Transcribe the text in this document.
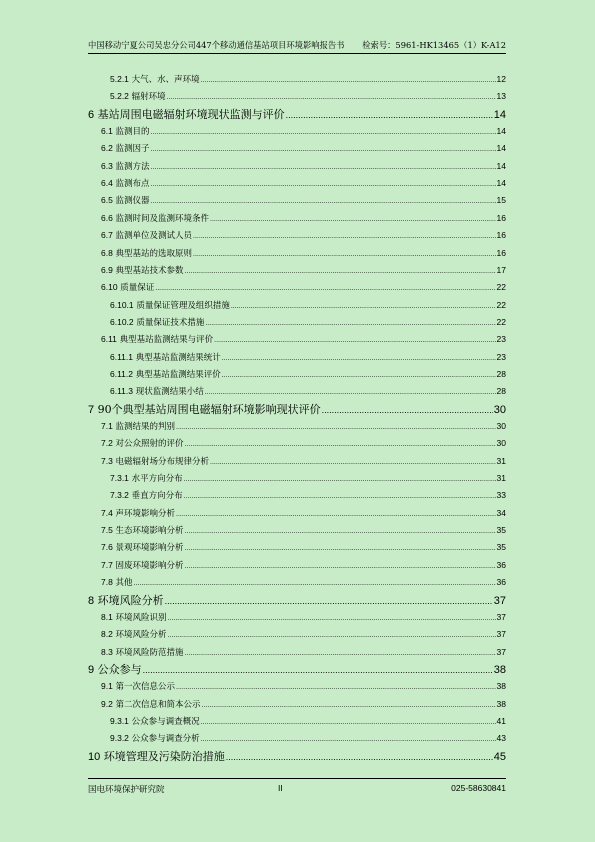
中国移动宁夏公司吴忠分公司447个移动通信基站项目环境影响报告书 检索号：5961-HK13465（1）K-A12
5.2.1 大气、水、声环境 .....	12
5.2.2 辐射环境 .....	13
6 基站周围电磁辐射环境现状监测与评价 .....	14
6.1 监测目的 .....	14
6.2 监测因子 .....	14
6.3 监测方法 .....	14
6.4 监测布点 .....	14
6.5 监测仪器 .....	15
6.6 监测时间及监测环境条件 .....	16
6.7 监测单位及测试人员 .....	16
6.8 典型基站的选取原则 .....	16
6.9 典型基站技术参数 .....	17
6.10 质量保证 .....	22
6.10.1 质量保证管理及组织措施 .....	22
6.10.2 质量保证技术措施 .....	22
6.11 典型基站监测结果与评价 .....	23
6.11.1 典型基站监测结果统计 .....	23
6.11.2 典型基站监测结果评价 .....	28
6.11.3 现状监测结果小结 .....	28
7 90个典型基站周围电磁辐射环境影响现状评价 .....	30
7.1 监测结果的判别 .....	30
7.2 对公众照射的评价 .....	30
7.3 电磁辐射场分布规律分析 .....	31
7.3.1 水平方向分布 .....	31
7.3.2 垂直方向分布 .....	33
7.4 声环境影响分析 .....	34
7.5 生态环境影响分析 .....	35
7.6 景观环境影响分析 .....	35
7.7 固废环境影响分析 .....	36
7.8 其他 .....	36
8 环境风险分析 .....	37
8.1 环境风险识别 .....	37
8.2 环境风险分析 .....	37
8.3 环境风险防范措施 .....	37
9 公众参与 .....	38
9.1 第一次信息公示 .....	38
9.2 第二次信息和简本公示 .....	38
9.3.1 公众参与调查概况 .....	41
9.3.2 公众参与调查分析 .....	43
10 环境管理及污染防治措施 .....	45
国电环境保护研究院	II	025-58630841
